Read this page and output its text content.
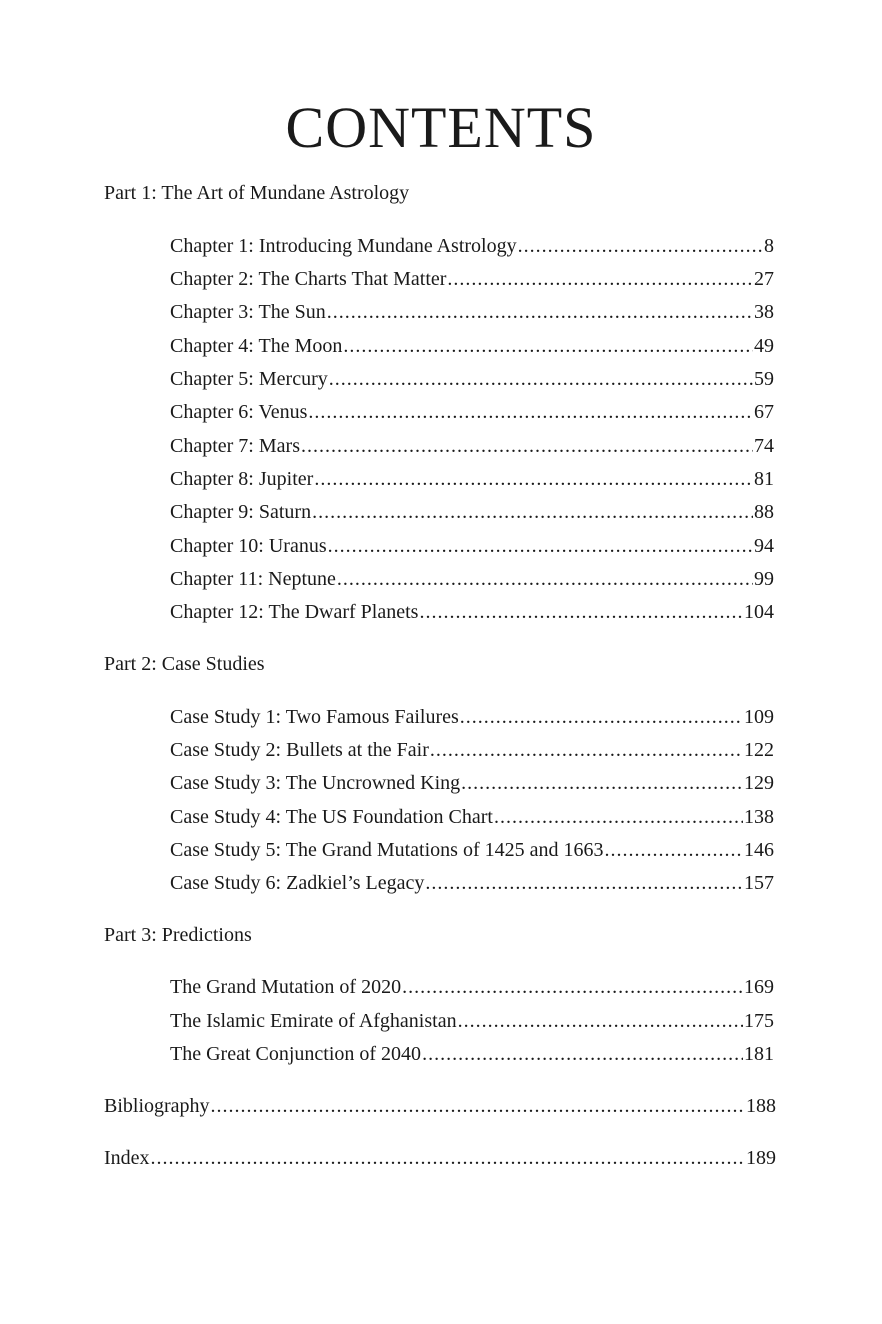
CONTENTS
Part 1: The Art of Mundane Astrology
Chapter 1: Introducing Mundane Astrology .....	8
Chapter 2: The Charts That Matter .....	27
Chapter 3: The Sun .....	38
Chapter 4: The Moon .....	49
Chapter 5: Mercury .....	59
Chapter 6: Venus .....	67
Chapter 7: Mars .....	74
Chapter 8: Jupiter .....	81
Chapter 9: Saturn .....	88
Chapter 10: Uranus .....	94
Chapter 11: Neptune .....	99
Chapter 12: The Dwarf Planets .....	104
Part 2: Case Studies
Case Study 1: Two Famous Failures .....	109
Case Study 2: Bullets at the Fair .....	122
Case Study 3: The Uncrowned King .....	129
Case Study 4: The US Foundation Chart .....	138
Case Study 5: The Grand Mutations of 1425 and 1663 .....	146
Case Study 6: Zadkiel’s Legacy .....	157
Part 3: Predictions
The Grand Mutation of 2020 .....	169
The Islamic Emirate of Afghanistan .....	175
The Great Conjunction of 2040 .....	181
Bibliography .....	188
Index .....	189
